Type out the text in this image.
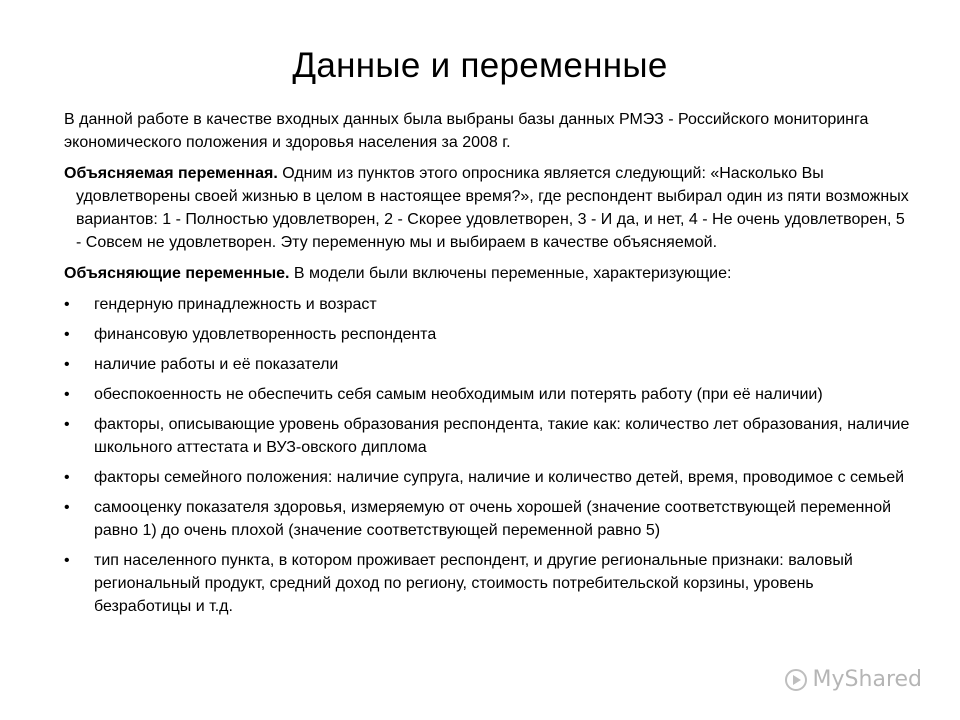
Данные и переменные

В данной работе в качестве входных данных была выбраны базы данных РМЭЗ - Российского мониторинга экономического положения и здоровья населения за 2008 г.

Объясняемая переменная. Одним из пунктов этого опросника является следующий: «Насколько Вы удовлетворены своей жизнью в целом в настоящее время?», где респондент выбирал один из пяти возможных вариантов: 1 - Полностью удовлетворен, 2 - Скорее удовлетворен, 3 - И да, и нет, 4 - Не очень удовлетворен, 5 - Совсем не удовлетворен. Эту переменную мы и выбираем в качестве объясняемой.

Объясняющие переменные. В модели были включены переменные, характеризующие:

•	гендерную принадлежность и возраст
•	финансовую удовлетворенность респондента
•	наличие работы и её показатели
•	обеспокоенность не обеспечить себя самым необходимым или потерять работу (при её наличии)
•	факторы, описывающие уровень образования респондента, такие как: количество лет образования, наличие школьного аттестата и ВУЗ-овского диплома
•	факторы семейного положения: наличие супруга, наличие и количество детей, время, проводимое с семьей
•	самооценку показателя здоровья, измеряемую от очень хорошей (значение соответствующей переменной равно 1) до очень плохой (значение соответствующей переменной равно 5)
•	тип населенного пункта, в котором проживает респондент, и другие региональные признаки: валовый региональный продукт, средний доход по региону, стоимость потребительской корзины, уровень безработицы и т.д.
MyShared
